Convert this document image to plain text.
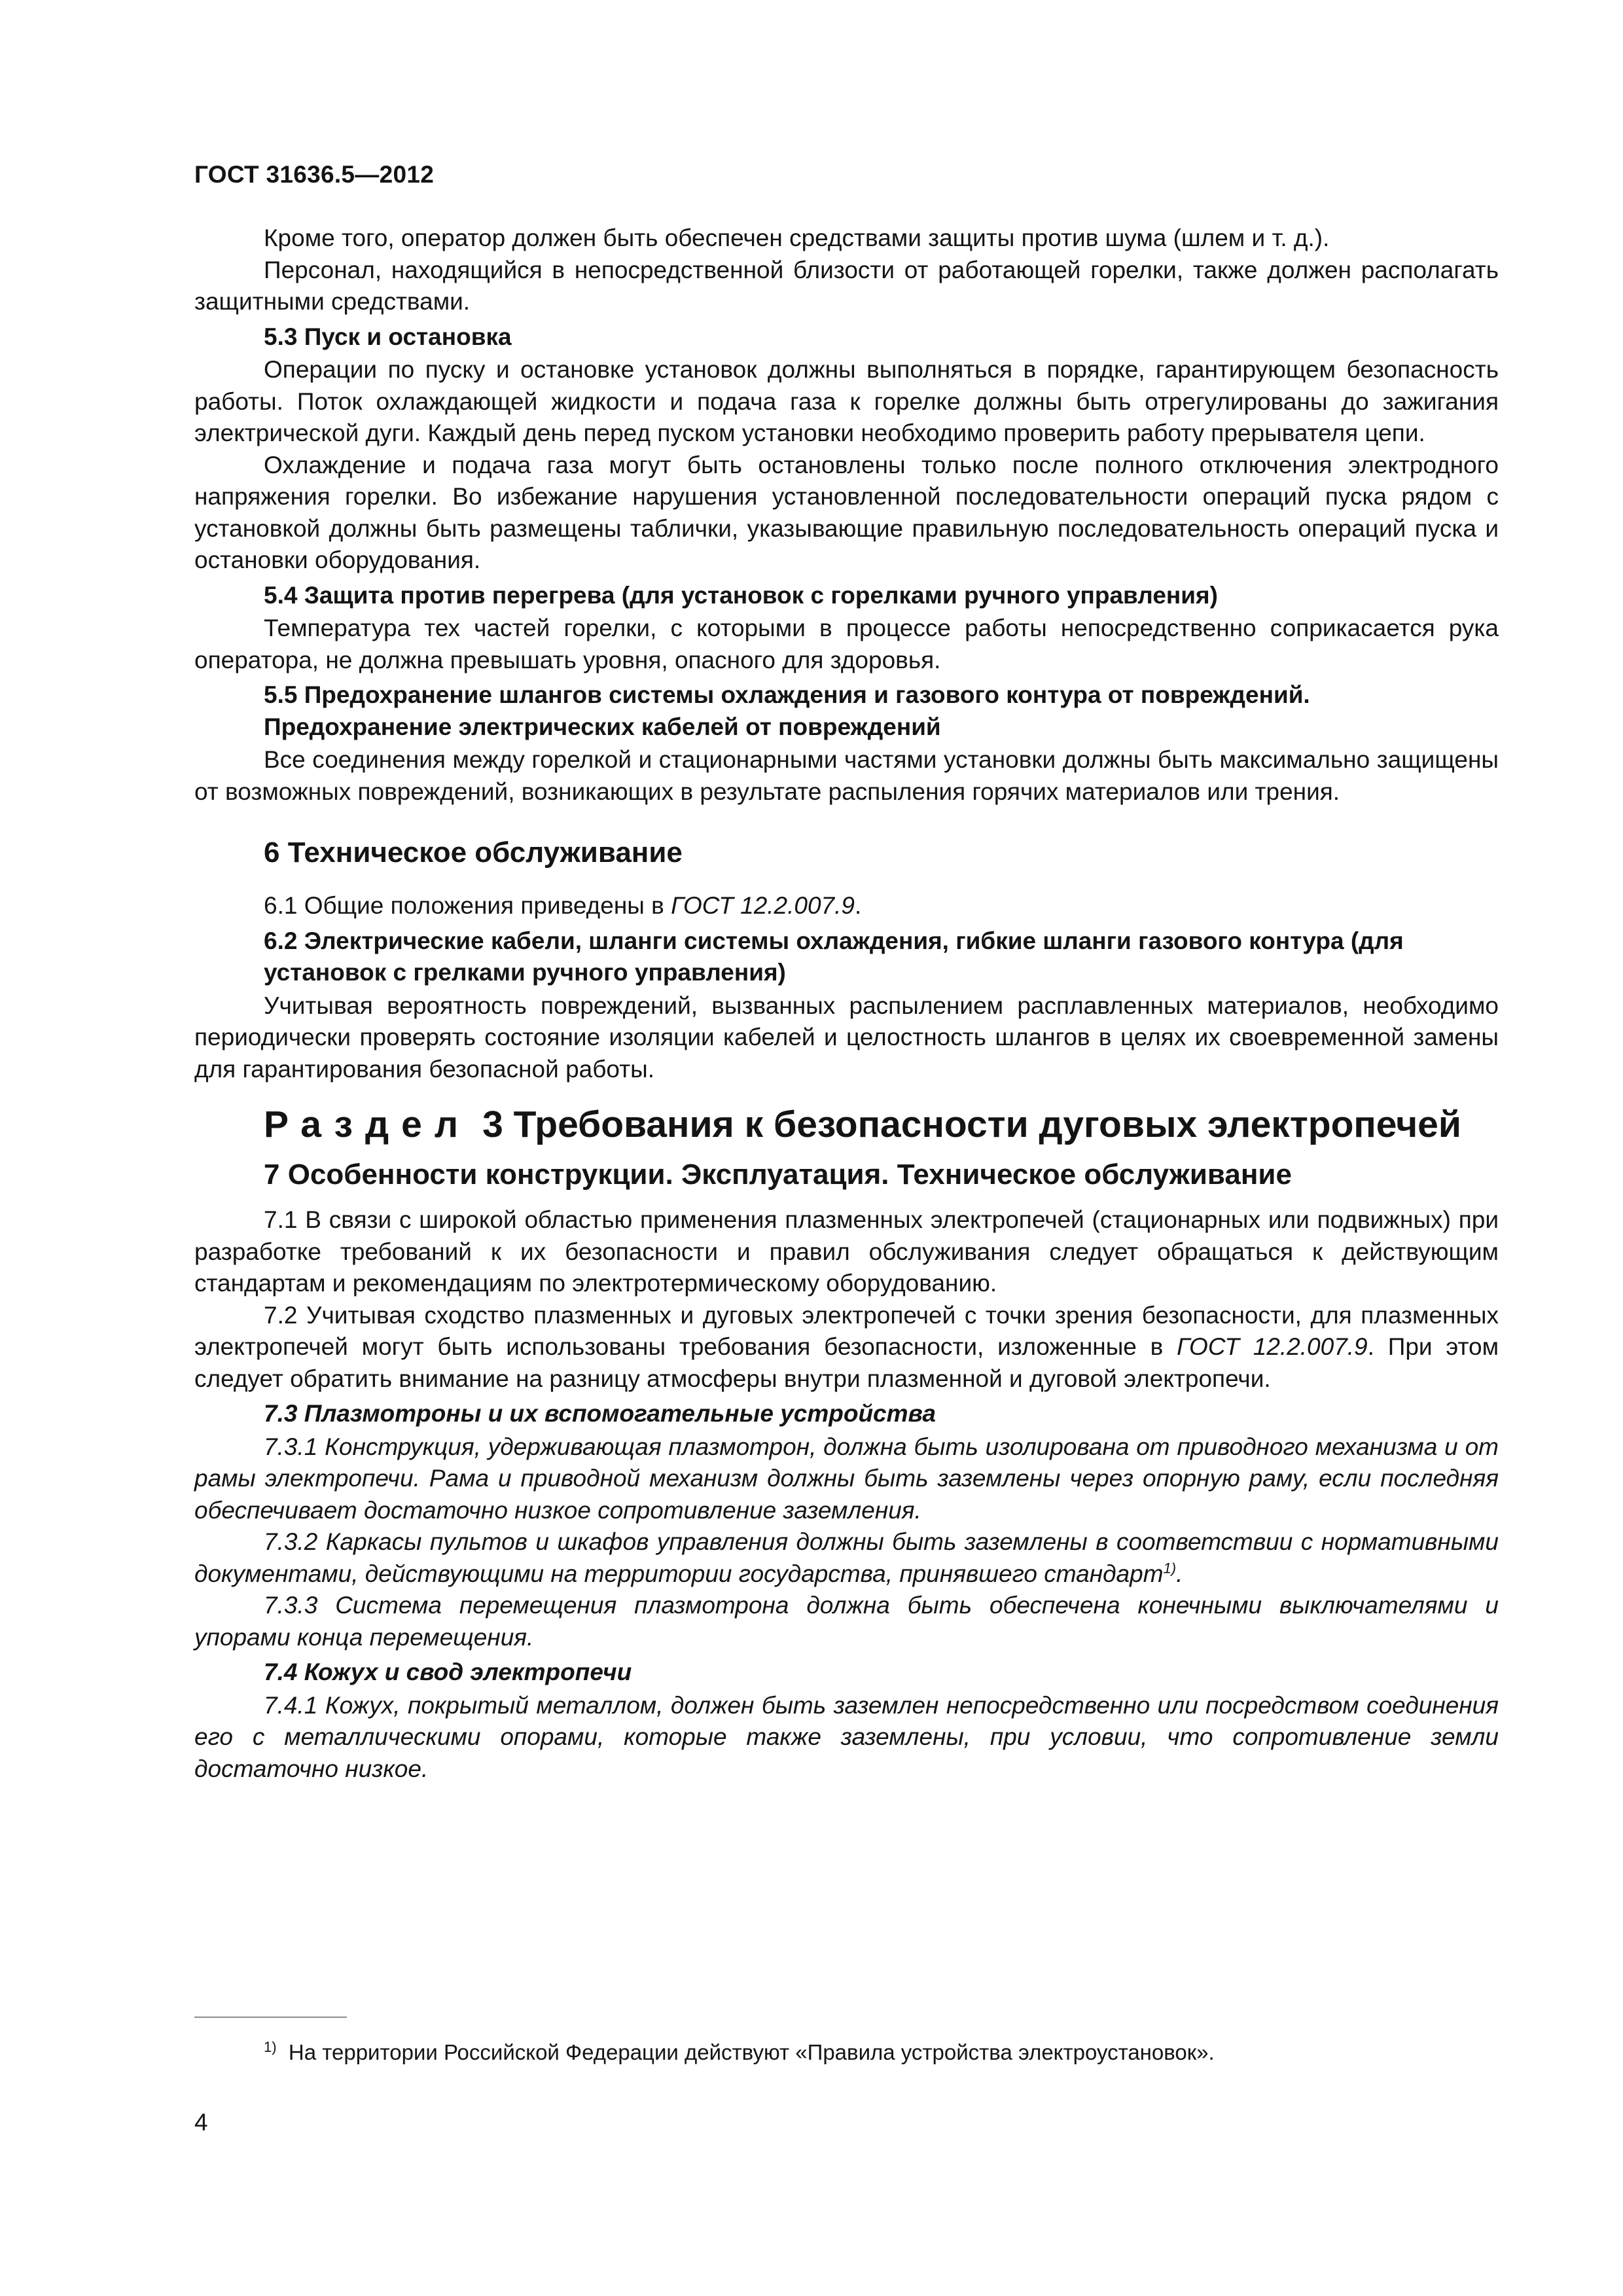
ГОСТ 31636.5—2012

Кроме того, оператор должен быть обеспечен средствами защиты против шума (шлем и т. д.).

Персонал, находящийся в непосредственной близости от работающей горелки, также должен располагать защитными средствами.

5.3 Пуск и остановка

Операции по пуску и остановке установок должны выполняться в порядке, гарантирующем безопасность работы. Поток охлаждающей жидкости и подача газа к горелке должны быть отрегулированы до зажигания электрической дуги. Каждый день перед пуском установки необходимо проверить работу прерывателя цепи.

Охлаждение и подача газа могут быть остановлены только после полного отключения электродного напряжения горелки. Во избежание нарушения установленной последовательности операций пуска рядом с установкой должны быть размещены таблички, указывающие правильную последовательность операций пуска и остановки оборудования.

5.4 Защита против перегрева (для установок с горелками ручного управления)

Температура тех частей горелки, с которыми в процессе работы непосредственно соприкасается рука оператора, не должна превышать уровня, опасного для здоровья.

5.5 Предохранение шлангов системы охлаждения и газового контура от повреждений. Предохранение электрических кабелей от повреждений

Все соединения между горелкой и стационарными частями установки должны быть максимально защищены от возможных повреждений, возникающих в результате распыления горячих материалов или трения.

6 Техническое обслуживание

6.1 Общие положения приведены в ГОСТ 12.2.007.9.

6.2 Электрические кабели, шланги системы охлаждения, гибкие шланги газового контура (для установок с грелками ручного управления)

Учитывая вероятность повреждений, вызванных распылением расплавленных материалов, необходимо периодически проверять состояние изоляции кабелей и целостность шлангов в целях их своевременной замены для гарантирования безопасной работы.

Раздел 3 Требования к безопасности дуговых электропечей
7 Особенности конструкции. Эксплуатация. Техническое обслуживание

7.1 В связи с широкой областью применения плазменных электропечей (стационарных или подвижных) при разработке требований к их безопасности и правил обслуживания следует обращаться к действующим стандартам и рекомендациям по электротермическому оборудованию.

7.2 Учитывая сходство плазменных и дуговых электропечей с точки зрения безопасности, для плазменных электропечей могут быть использованы требования безопасности, изложенные в ГОСТ 12.2.007.9. При этом следует обратить внимание на разницу атмосферы внутри плазменной и дуговой электропечи.

7.3 Плазмотроны и их вспомогательные устройства

7.3.1 Конструкция, удерживающая плазмотрон, должна быть изолирована от приводного механизма и от рамы электропечи. Рама и приводной механизм должны быть заземлены через опорную раму, если последняя обеспечивает достаточно низкое сопротивление заземления.

7.3.2 Каркасы пультов и шкафов управления должны быть заземлены в соответствии с нормативными документами, действующими на территории государства, принявшего стандарт$^{1)}$.

7.3.3 Система перемещения плазмотрона должна быть обеспечена конечными выключателями и упорами конца перемещения.

7.4 Кожух и свод электропечи

7.4.1 Кожух, покрытый металлом, должен быть заземлен непосредственно или посредством соединения его с металлическими опорами, которые также заземлены, при условии, что сопротивление земли достаточно низкое.

$^{1)}$ На территории Российской Федерации действуют «Правила устройства электроустановок».
4
